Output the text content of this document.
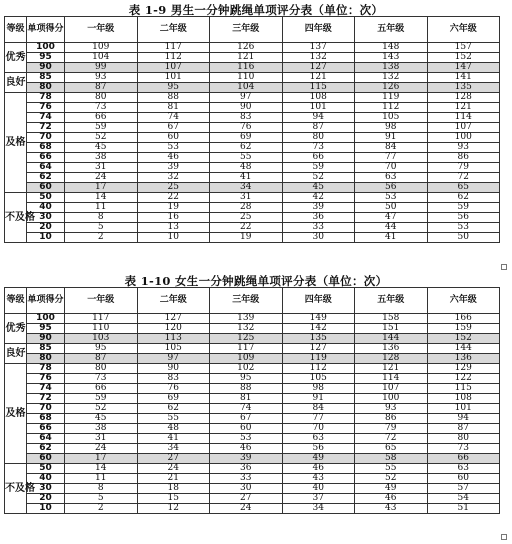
表 1-9 男生一分钟跳绳单项评分表（单位：次）
等级	单项得分	一年级	二年级	三年级	四年级	五年级	六年级
优秀	100	109	117	126	137	148	157
	95	104	112	121	132	143	152
	90	99	107	116	127	138	147
良好	85	93	101	110	121	132	141
	80	87	95	104	115	126	135
及格	78	80	88	97	108	119	128
	76	73	81	90	101	112	121
	74	66	74	83	94	105	114
	72	59	67	76	87	98	107
	70	52	60	69	80	91	100
	68	45	53	62	73	84	93
	66	38	46	55	66	77	86
	64	31	39	48	59	70	79
	62	24	32	41	52	63	72
	60	17	25	34	45	56	65
不及格	50	14	22	31	42	53	62
	40	11	19	28	39	50	59
	30	8	16	25	36	47	56
	20	5	13	22	33	44	53
	10	2	10	19	30	41	50
表 1-10 女生一分钟跳绳单项评分表（单位：次）
等级	单项得分	一年级	二年级	三年级	四年级	五年级	六年级
优秀	100	117	127	139	149	158	166
	95	110	120	132	142	151	159
	90	103	113	125	135	144	152
良好	85	95	105	117	127	136	144
	80	87	97	109	119	128	136
及格	78	80	90	102	112	121	129
	76	73	83	95	105	114	122
	74	66	76	88	98	107	115
	72	59	69	81	91	100	108
	70	52	62	74	84	93	101
	68	45	55	67	77	86	94
	66	38	48	60	70	79	87
	64	31	41	53	63	72	80
	62	24	34	46	56	65	73
	60	17	27	39	49	58	66
不及格	50	14	24	36	46	55	63
	40	11	21	33	43	52	60
	30	8	18	30	40	49	57
	20	5	15	27	37	46	54
	10	2	12	24	34	43	51
